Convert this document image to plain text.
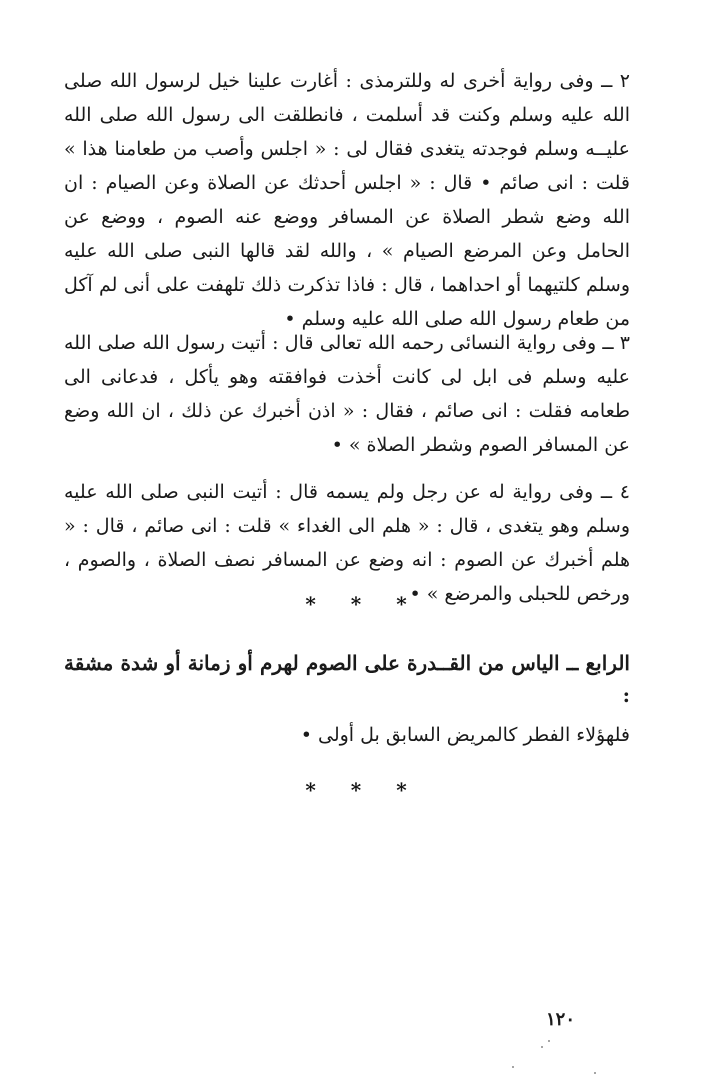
٢ ــ وفى رواية أخرى له وللترمذى : أغارت علينا خيل لرسول الله صلى الله عليه وسلم وكنت قد أسلمت ، فانطلقت الى رسول الله صلى الله عليــه وسلم فوجدته يتغدى فقال لى : « اجلس وأصب من طعامنا هذا » قلت : انى صائم • قال : « اجلس أحدثك عن الصلاة وعن الصيام : ان الله وضع شطر الصلاة عن المسافر ووضع عنه الصوم ، ووضع عن الحامل وعن المرضع الصيام » ، والله لقد قالها النبى صلى الله عليه وسلم كلتيهما أو احداهما ، قال : فاذا تذكرت ذلك تلهفت على أنى لم آكل من طعام رسول الله صلى الله عليه وسلم •

٣ ــ وفى رواية النسائى رحمه الله تعالى قال : أتيت رسول الله صلى الله عليه وسلم فى ابل لى كانت أخذت فوافقته وهو يأكل ، فدعانى الى طعامه فقلت : انى صائم ، فقال : « اذن أخبرك عن ذلك ، ان الله وضع عن المسافر الصوم وشطر الصلاة » •

٤ ــ وفى رواية له عن رجل ولم يسمه قال : أتيت النبى صلى الله عليه وسلم وهو يتغدى ، قال : « هلم الى الغداء » قلت : انى صائم ، قال : « هلم أخبرك عن الصوم : انه وضع عن المسافر نصف الصلاة ، والصوم ، ورخص للحبلى والمرضع » •

* * *
الرابع ــ الياس من القــدرة على الصوم لهرم أو زمانة أو شدة مشقة :

فلهؤلاء الفطر كالمريض السابق بل أولى •

* * *
١٢٠
